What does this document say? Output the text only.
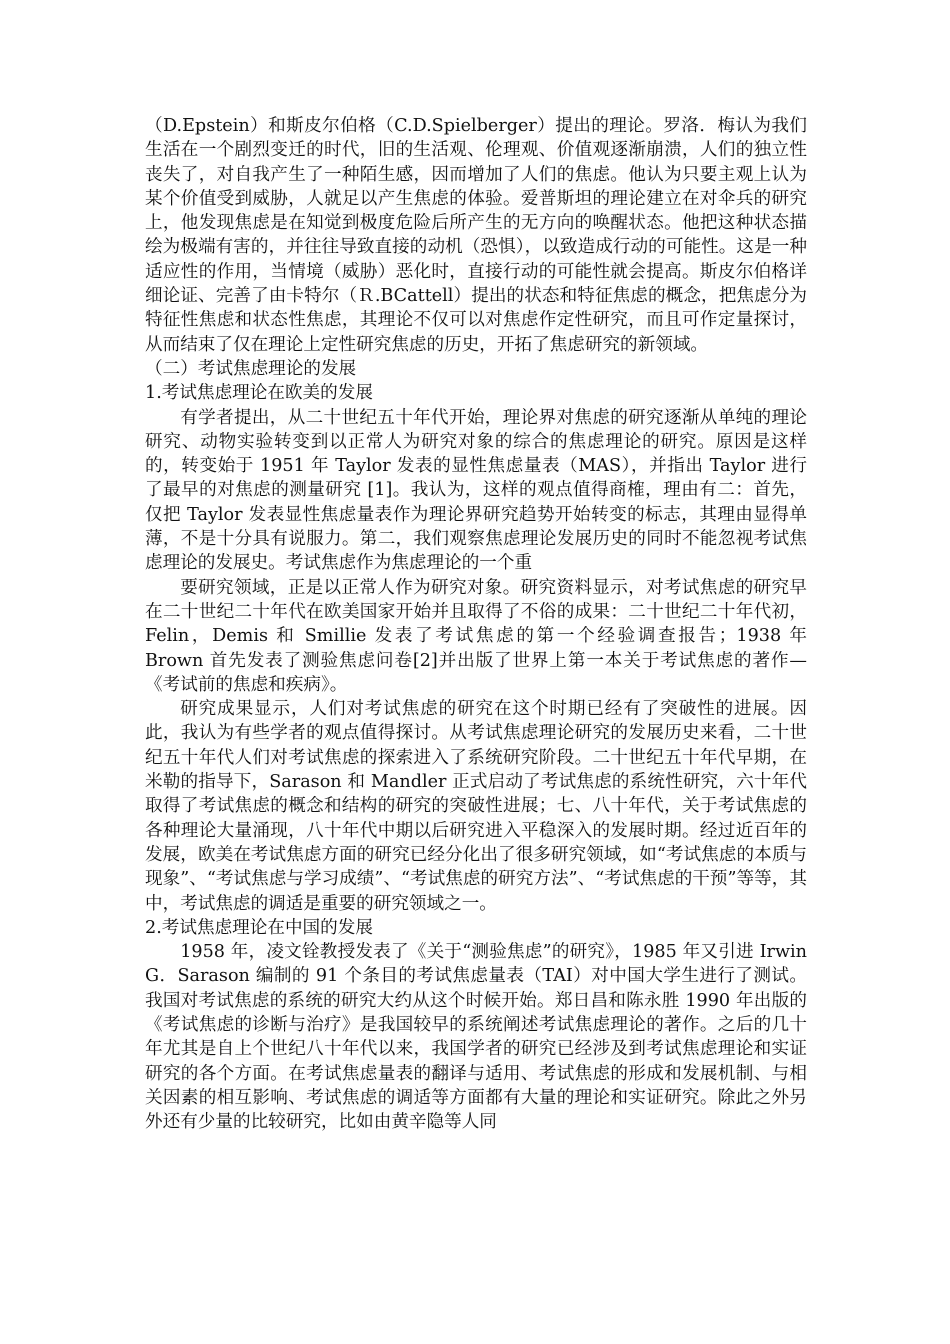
（D.Epstein）和斯皮尔伯格（C.D.Spielberger）提出的理论。罗洛．梅认为我们生活在一个剧烈变迁的时代，旧的生活观、伦理观、价值观逐渐崩溃，人们的独立性丧失了，对自我产生了一种陌生感，因而增加了人们的焦虑。他认为只要主观上认为某个价值受到威胁，人就足以产生焦虑的体验。爱普斯坦的理论建立在对伞兵的研究上，他发现焦虑是在知觉到极度危险后所产生的无方向的唤醒状态。他把这种状态描绘为极端有害的，并往往导致直接的动机（恐惧），以致造成行动的可能性。这是一种适应性的作用，当情境（威胁）恶化时，直接行动的可能性就会提高。斯皮尔伯格详细论证、完善了由卡特尔（Ｒ.BCattell）提出的状态和特征焦虑的概念，把焦虑分为特征性焦虑和状态性焦虑，其理论不仅可以对焦虑作定性研究，而且可作定量探讨，从而结束了仅在理论上定性研究焦虑的历史，开拓了焦虑研究的新领域。

（二）考试焦虑理论的发展

1.考试焦虑理论在欧美的发展

有学者提出，从二十世纪五十年代开始，理论界对焦虑的研究逐渐从单纯的理论研究、动物实验转变到以正常人为研究对象的综合的焦虑理论的研究。原因是这样的，转变始于 1951 年 Taylor 发表的显性焦虑量表（MAS），并指出 Taylor 进行了最早的对焦虑的测量研究 [1]。我认为，这样的观点值得商榷，理由有二：首先，仅把 Taylor 发表显性焦虑量表作为理论界研究趋势开始转变的标志，其理由显得单薄，不是十分具有说服力。第二，我们观察焦虑理论发展历史的同时不能忽视考试焦虑理论的发展史。考试焦虑作为焦虑理论的一个重

要研究领域，正是以正常人作为研究对象。研究资料显示，对考试焦虑的研究早在二十世纪二十年代在欧美国家开始并且取得了不俗的成果：二十世纪二十年代初，Felin，Demis 和 Smillie 发表了考试焦虑的第一个经验调查报告；1938 年 Brown 首先发表了测验焦虑问卷[2]并出版了世界上第一本关于考试焦虑的著作—《考试前的焦虑和疾病》。

研究成果显示，人们对考试焦虑的研究在这个时期已经有了突破性的进展。因此，我认为有些学者的观点值得探讨。从考试焦虑理论研究的发展历史来看，二十世纪五十年代人们对考试焦虑的探索进入了系统研究阶段。二十世纪五十年代早期，在米勒的指导下，Sarason 和 Mandler 正式启动了考试焦虑的系统性研究，六十年代取得了考试焦虑的概念和结构的研究的突破性进展；七、八十年代，关于考试焦虑的各种理论大量涌现，八十年代中期以后研究进入平稳深入的发展时期。经过近百年的发展，欧美在考试焦虑方面的研究已经分化出了很多研究领域，如“考试焦虑的本质与现象”、“考试焦虑与学习成绩”、“考试焦虑的研究方法”、“考试焦虑的干预”等等，其中，考试焦虑的调适是重要的研究领域之一。

2.考试焦虑理论在中国的发展

1958 年，凌文铨教授发表了《关于“测验焦虑”的研究》，1985 年又引进 Irwin G．Sarason 编制的 91 个条目的考试焦虑量表（TAI）对中国大学生进行了测试。我国对考试焦虑的系统的研究大约从这个时候开始。郑日昌和陈永胜 1990 年出版的《考试焦虑的诊断与治疗》是我国较早的系统阐述考试焦虑理论的著作。之后的几十年尤其是自上个世纪八十年代以来，我国学者的研究已经涉及到考试焦虑理论和实证研究的各个方面。在考试焦虑量表的翻译与适用、考试焦虑的形成和发展机制、与相关因素的相互影响、考试焦虑的调适等方面都有大量的理论和实证研究。除此之外另外还有少量的比较研究，比如由黄辛隐等人同
